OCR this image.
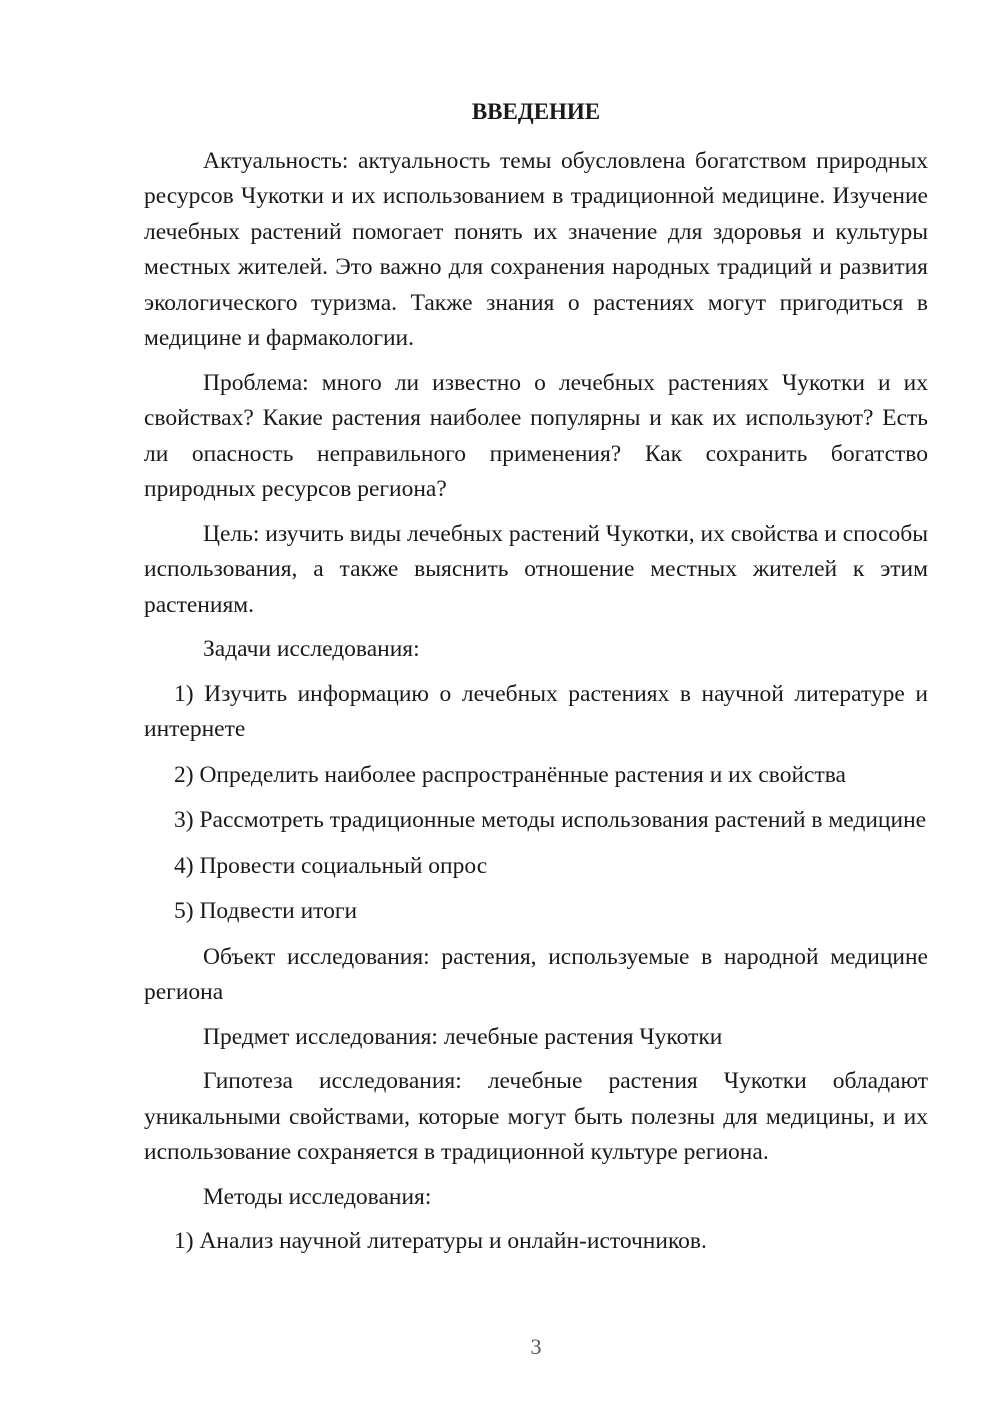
ВВЕДЕНИЕ

Актуальность: актуальность темы обусловлена богатством природных ресурсов Чукотки и их использованием в традиционной медицине. Изучение лечебных растений помогает понять их значение для здоровья и культуры местных жителей. Это важно для сохранения народных традиций и развития экологического туризма. Также знания о растениях могут пригодиться в медицине и фармакологии.

Проблема: много ли известно о лечебных растениях Чукотки и их свойствах? Какие растения наиболее популярны и как их используют? Есть ли опасность неправильного применения? Как сохранить богатство природных ресурсов региона?

Цель: изучить виды лечебных растений Чукотки, их свойства и способы использования, а также выяснить отношение местных жителей к этим растениям.

Задачи исследования:

1) Изучить информацию о лечебных растениях в научной литературе и интернете

2) Определить наиболее распространённые растения и их свойства

3) Рассмотреть традиционные методы использования растений в медицине

4) Провести социальный опрос

5) Подвести итоги

Объект исследования: растения, используемые в народной медицине региона

Предмет исследования: лечебные растения Чукотки

Гипотеза исследования: лечебные растения Чукотки обладают уникальными свойствами, которые могут быть полезны для медицины, и их использование сохраняется в традиционной культуре региона.

Методы исследования:

1) Анализ научной литературы и онлайн-источников.

3
